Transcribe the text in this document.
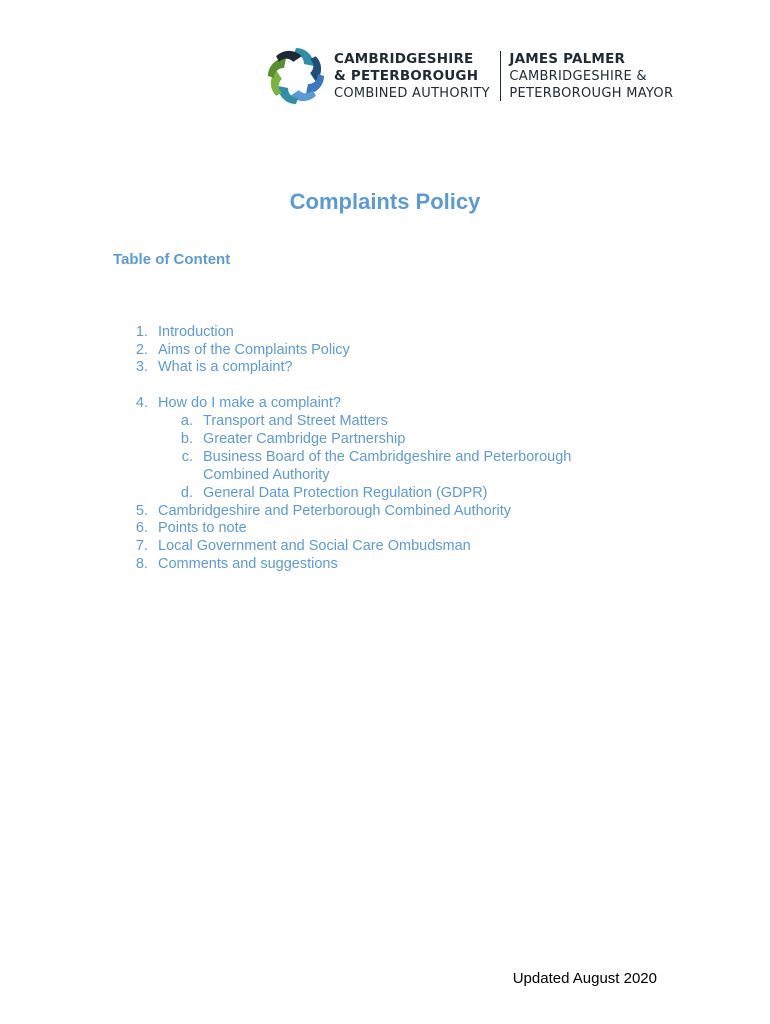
CAMBRIDGESHIRE
& PETERBOROUGH
COMBINED AUTHORITY
JAMES PALMER
CAMBRIDGESHIRE &
PETERBOROUGH MAYOR
Complaints Policy
Table of Content
1. Introduction
2. Aims of the Complaints Policy
3. What is a complaint?
4. How do I make a complaint?
a. Transport and Street Matters
b. Greater Cambridge Partnership
c. Business Board of the Cambridgeshire and Peterborough
Combined Authority
d. General Data Protection Regulation (GDPR)
5. Cambridgeshire and Peterborough Combined Authority
6. Points to note
7. Local Government and Social Care Ombudsman
8. Comments and suggestions
Updated August 2020
